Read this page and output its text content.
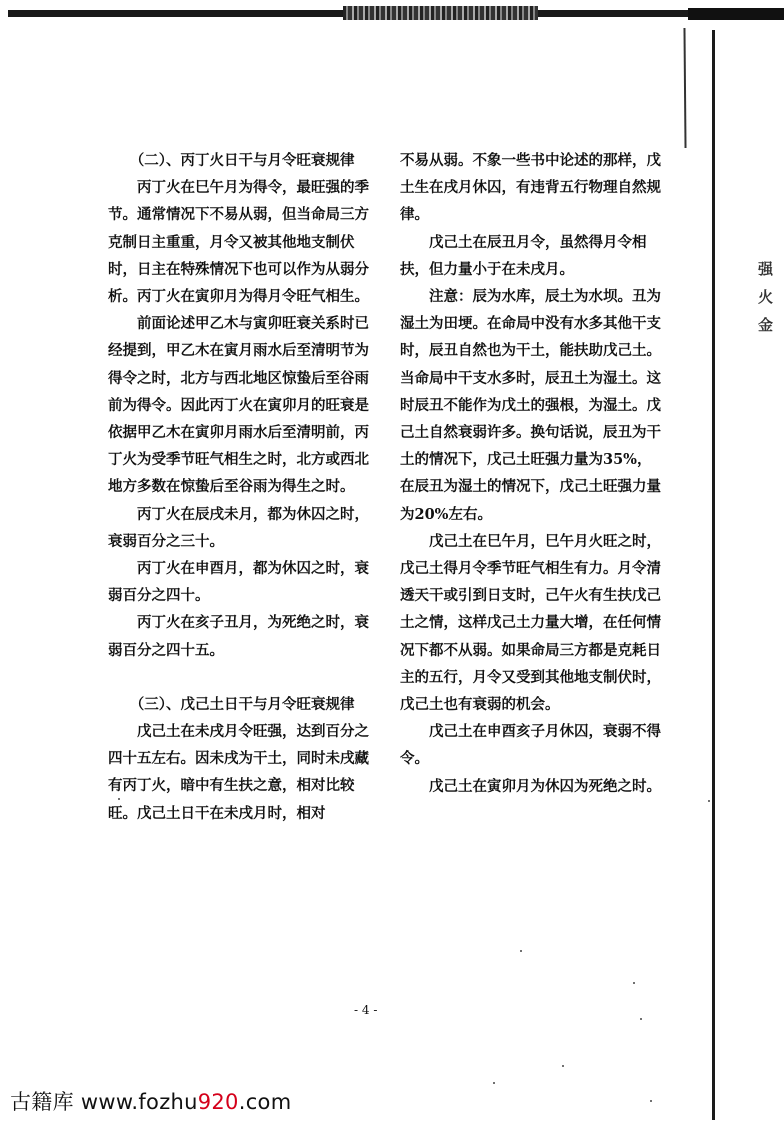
（二）、丙丁火日干与月令旺衰规律

丙丁火在巳午月为得令，最旺强的季节。通常情况下不易从弱，但当命局三方克制日主重重，月令又被其他地支制伏时，日主在特殊情况下也可以作为从弱分析。丙丁火在寅卯月为得月令旺气相生。

前面论述甲乙木与寅卯旺衰关系时已经提到，甲乙木在寅月雨水后至清明节为得令之时，北方与西北地区惊蛰后至谷雨前为得令。因此丙丁火在寅卯月的旺衰是依据甲乙木在寅卯月雨水后至清明前，丙丁火为受季节旺气相生之时，北方或西北地方多数在惊蛰后至谷雨为得生之时。

丙丁火在辰戌未月，都为休囚之时，衰弱百分之三十。

丙丁火在申酉月，都为休囚之时，衰弱百分之四十。

丙丁火在亥子丑月，为死绝之时，衰弱百分之四十五。

（三）、戊己土日干与月令旺衰规律

戊己土在未戌月令旺强，达到百分之四十五左右。因未戌为干土，同时未戌藏有丙丁火，暗中有生扶之意，相对比较旺。戊己土日干在未戌月时，相对

不易从弱。不象一些书中论述的那样，戊土生在戌月休囚，有违背五行物理自然规律。

戊己土在辰丑月令，虽然得月令相扶，但力量小于在未戌月。

注意：辰为水库，辰土为水坝。丑为湿土为田埂。在命局中没有水多其他干支时，辰丑自然也为干土，能扶助戊己土。当命局中干支水多时，辰丑土为湿土。这时辰丑不能作为戊土的强根，为湿土。戊己土自然衰弱许多。换句话说，辰丑为干土的情况下，戊己土旺强力量为35%，在辰丑为湿土的情况下，戊己土旺强力量为20%左右。

戊己土在巳午月，巳午月火旺之时，戊己土得月令季节旺气相生有力。月令清透天干或引到日支时，己午火有生扶戊己土之情，这样戊己土力量大增，在任何情况下都不从弱。如果命局三方都是克耗日主的五行，月令又受到其他地支制伏时，戊己土也有衰弱的机会。

戊己土在申酉亥子月休囚，衰弱不得令。

戊己土在寅卯月为休囚为死绝之时。

- 4 -
强
火
金
古籍库 www.fozhu920.com
